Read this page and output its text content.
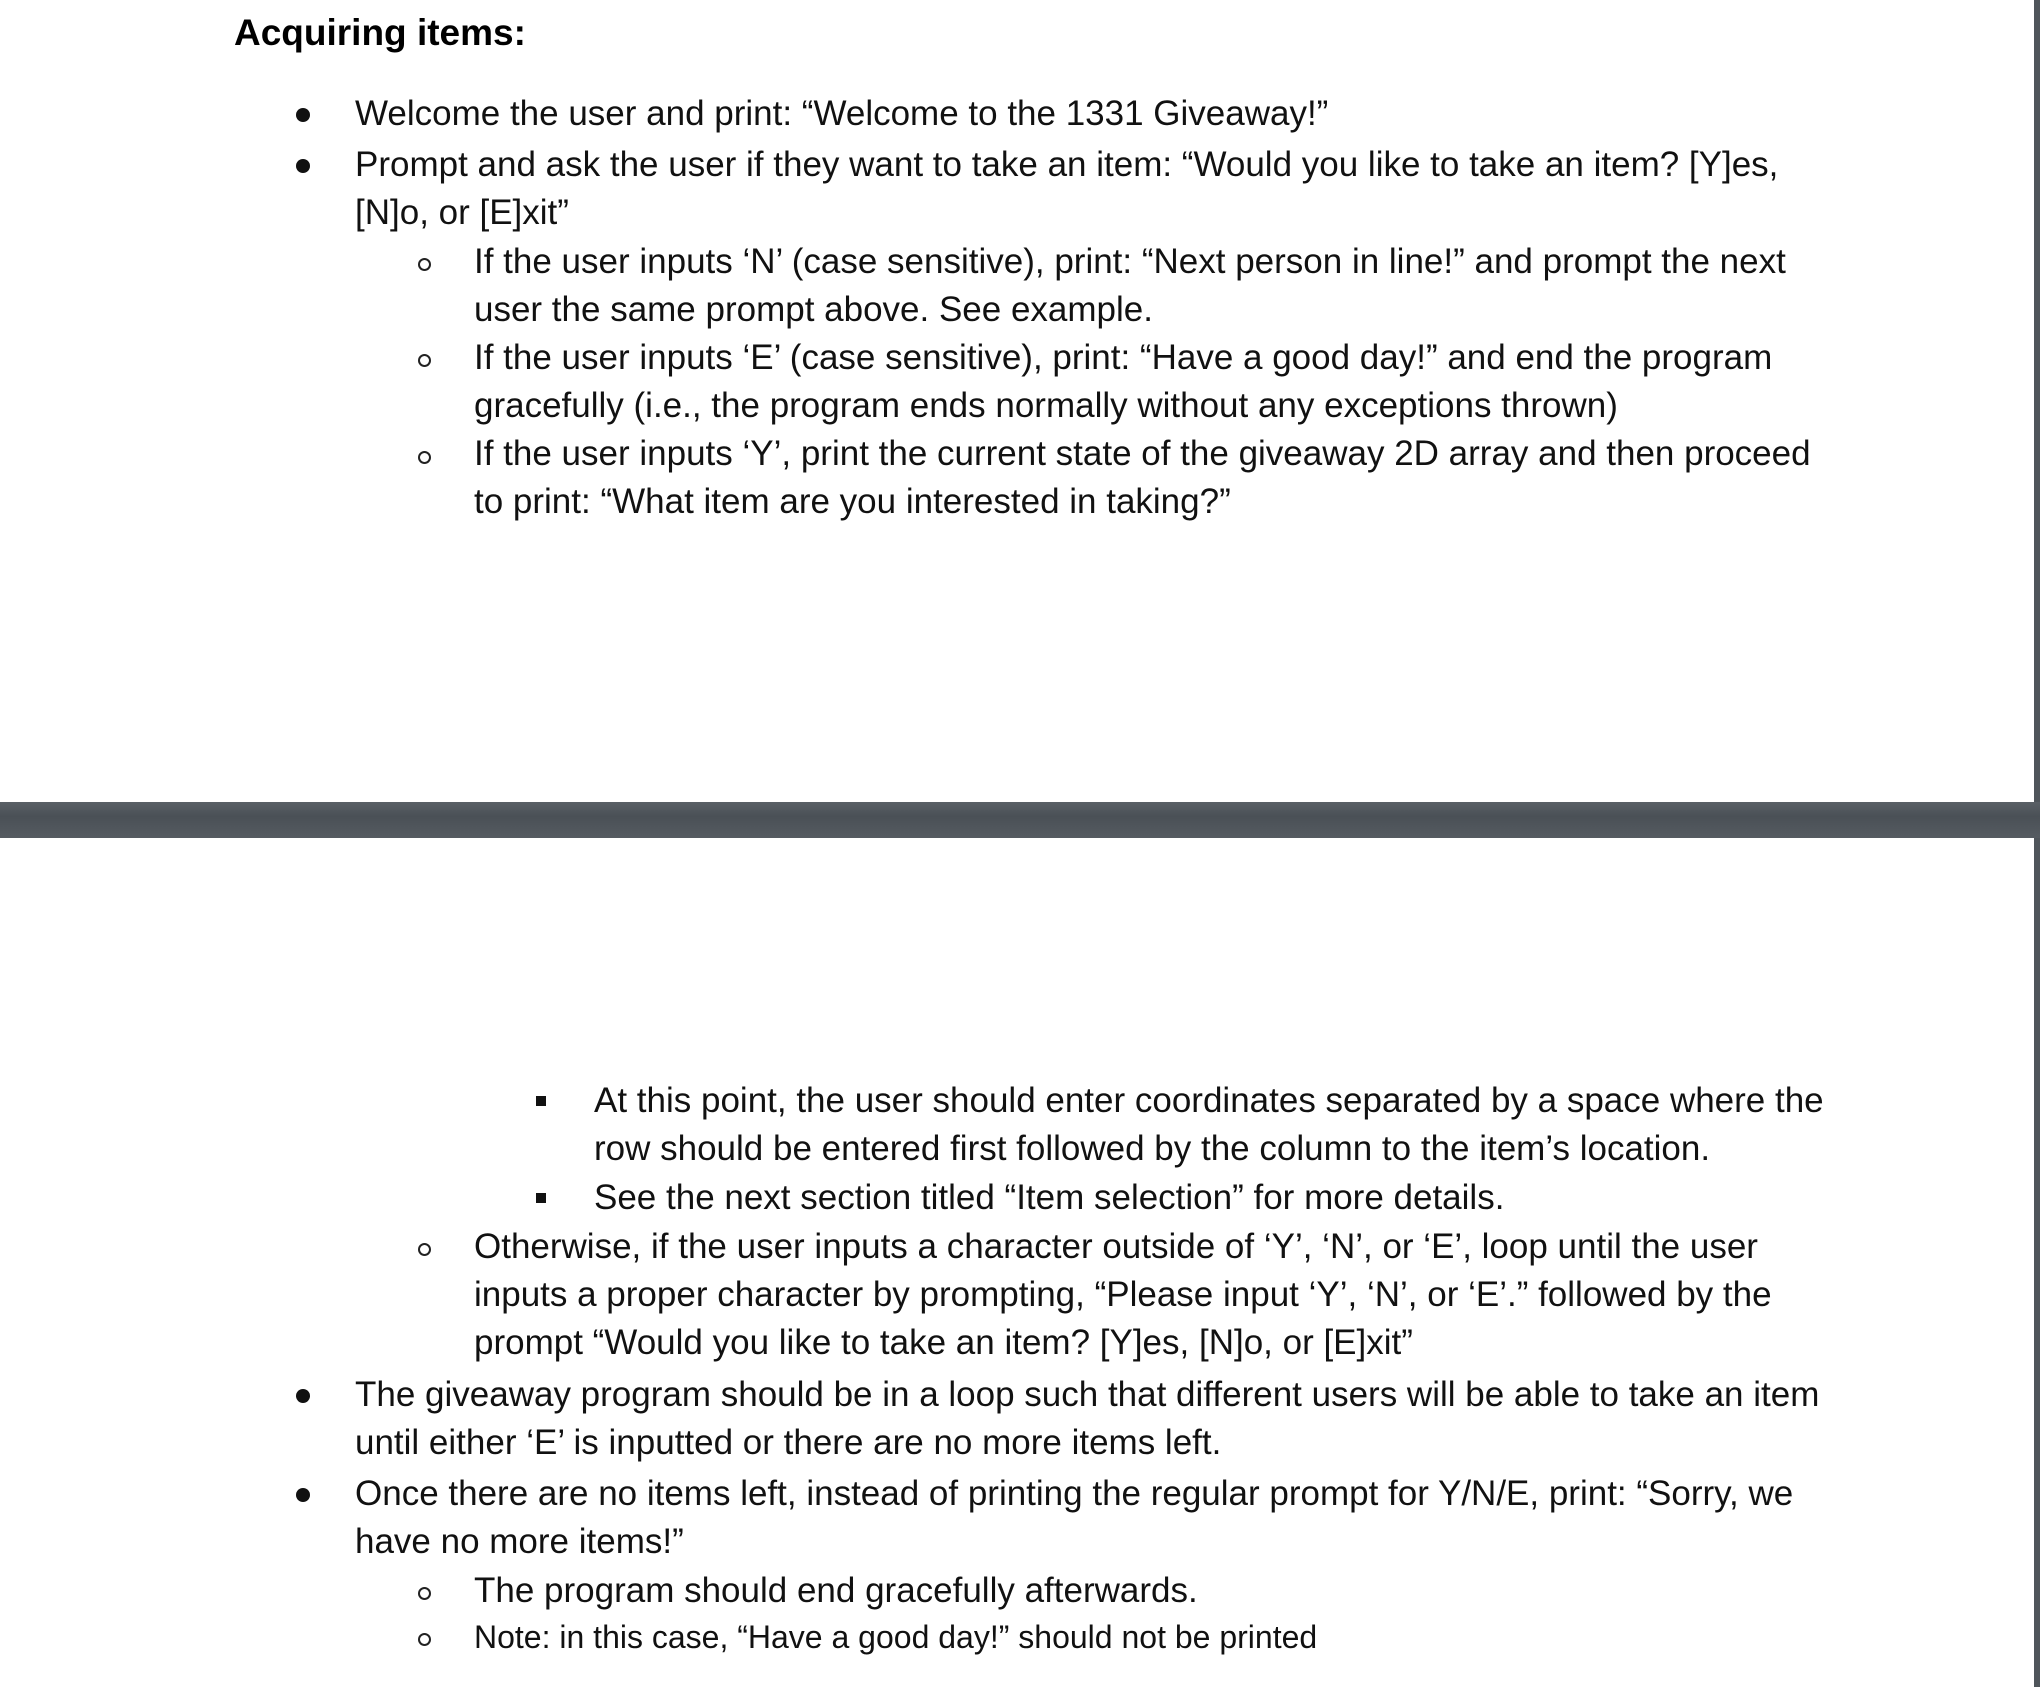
Acquiring items:

Welcome the user and print: “Welcome to the 1331 Giveaway!”

Prompt and ask the user if they want to take an item: “Would you like to take an item? [Y]es,

[N]o, or [E]xit”

If the user inputs ‘N’ (case sensitive), print: “Next person in line!” and prompt the next

user the same prompt above. See example.

If the user inputs ‘E’ (case sensitive), print: “Have a good day!” and end the program

gracefully (i.e., the program ends normally without any exceptions thrown)

If the user inputs ‘Y’, print the current state of the giveaway 2D array and then proceed

to print: “What item are you interested in taking?”

At this point, the user should enter coordinates separated by a space where the

row should be entered first followed by the column to the item’s location.

See the next section titled “Item selection” for more details.

Otherwise, if the user inputs a character outside of ‘Y’, ‘N’, or ‘E’, loop until the user

inputs a proper character by prompting, “Please input ‘Y’, ‘N’, or ‘E’.” followed by the

prompt “Would you like to take an item? [Y]es, [N]o, or [E]xit”

The giveaway program should be in a loop such that different users will be able to take an item

until either ‘E’ is inputted or there are no more items left.

Once there are no items left, instead of printing the regular prompt for Y/N/E, print: “Sorry, we

have no more items!”

The program should end gracefully afterwards.

Note: in this case, “Have a good day!” should not be printed
